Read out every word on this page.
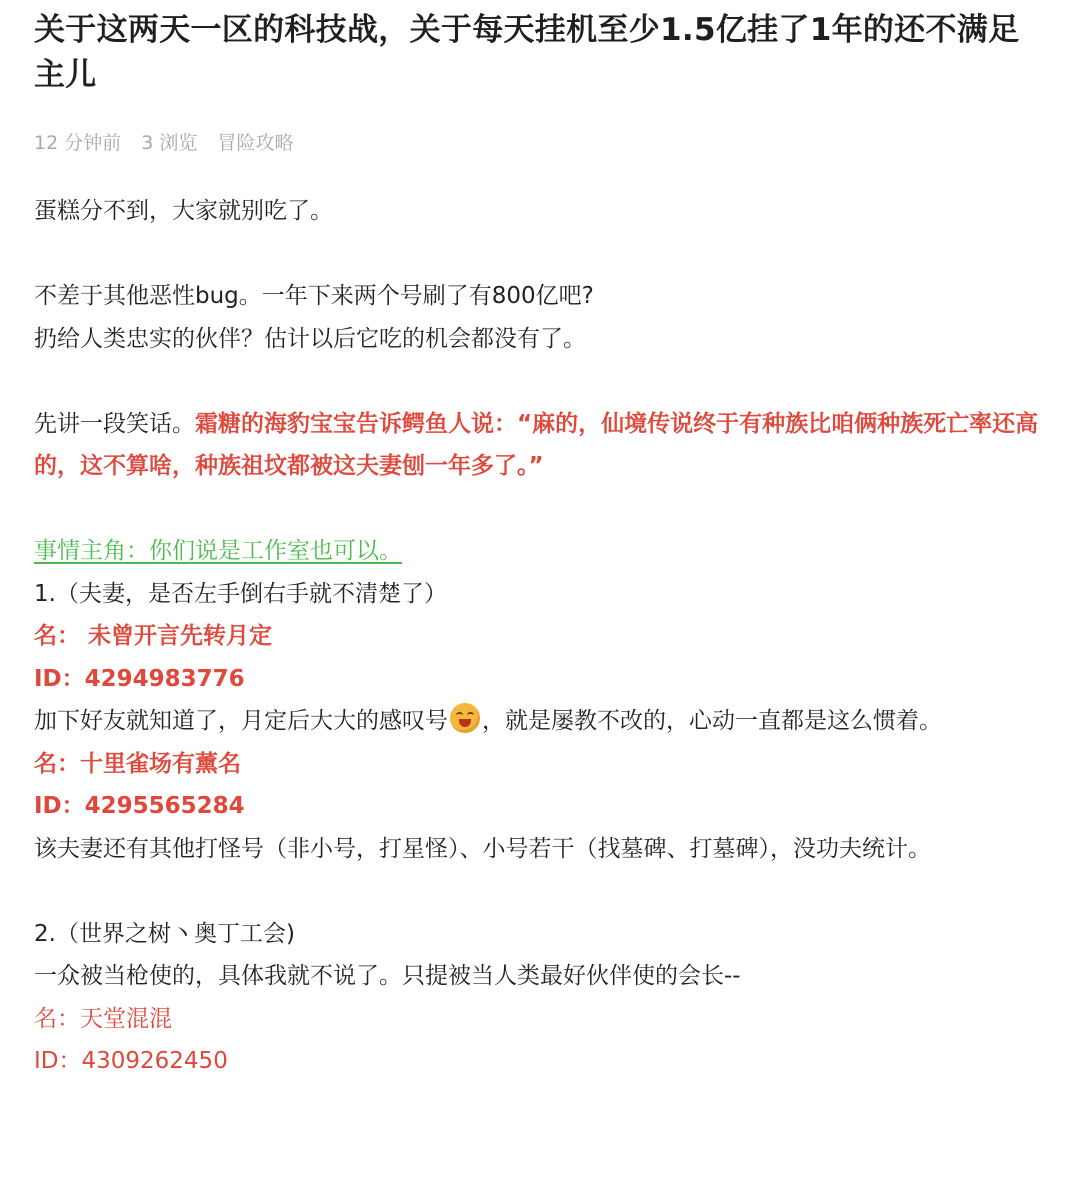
关于这两天一区的科技战，关于每天挂机至少1.5亿挂了1年的还不满足主儿
12 分钟前 3 浏览 冒险攻略

蛋糕分不到，大家就别吃了。

不差于其他恶性bug。一年下来两个号刷了有800亿吧?

扔给人类忠实的伙伴？估计以后它吃的机会都没有了。

先讲一段笑话。霜糖的海豹宝宝告诉鳄鱼人说：“麻的，仙境传说终于有种族比咱俩种族死亡率还高的，这不算啥，种族祖坟都被这夫妻刨一年多了。”

事情主角：你们说是工作室也可以。

1.（夫妻，是否左手倒右手就不清楚了）

名： 未曾开言先转月定

ID：4294983776

加下好友就知道了，月定后大大的感叹号 ，就是屡教不改的，心动一直都是这么惯着。

名：十里雀场有薰名

ID：4295565284

该夫妻还有其他打怪号（非小号，打星怪）、小号若干（找墓碑、打墓碑），没功夫统计。

2.（世界之树丶奥丁工会)

一众被当枪使的，具体我就不说了。只提被当人类最好伙伴使的会长--

名：天堂混混

ID：4309262450
